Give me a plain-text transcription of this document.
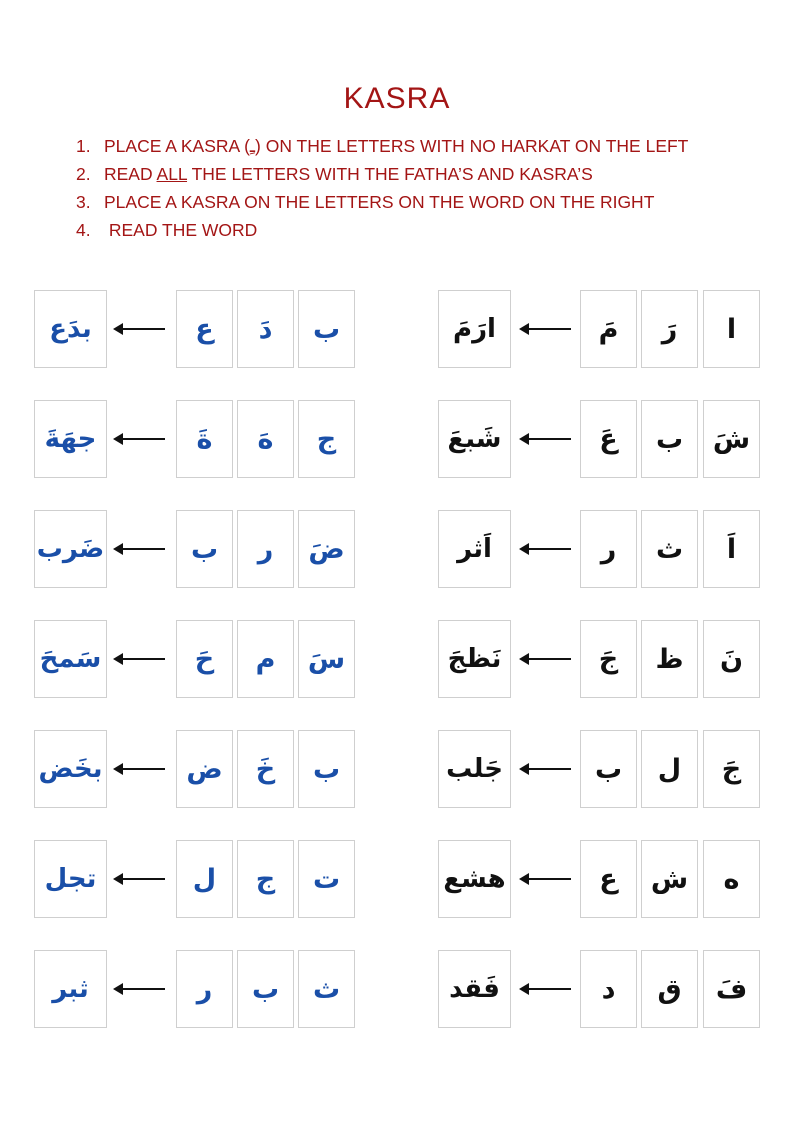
KASRA
1. PLACE A KASRA (ـِ) ON THE LETTERS WITH NO HARKAT ON THE LEFT
2. READ ALL THE LETTERS WITH THE FATHA’S AND KASRA’S
3. PLACE A KASRA ON THE LETTERS ON THE WORD ON THE RIGHT
4. READ THE WORD
ب
دَ
ع
بدَع
ج
هَ
ةَ
جهَةَ
ضَ
ر
ب
ضَرب
سَ
م
حَ
سَمحَ
ب
خَ
ض
بخَض
ت
ج
ل
تجل
ث
ب
ر
ثبر
ا
رَ
مَ
ارَمَ
شَ
ب
عَ
شَبعَ
اَ
ث
ر
اَثر
نَ
ظ
جَ
نَظجَ
جَ
ل
ب
جَلب
ه
ش
ع
هشع
فَ
ق
د
فَقد
